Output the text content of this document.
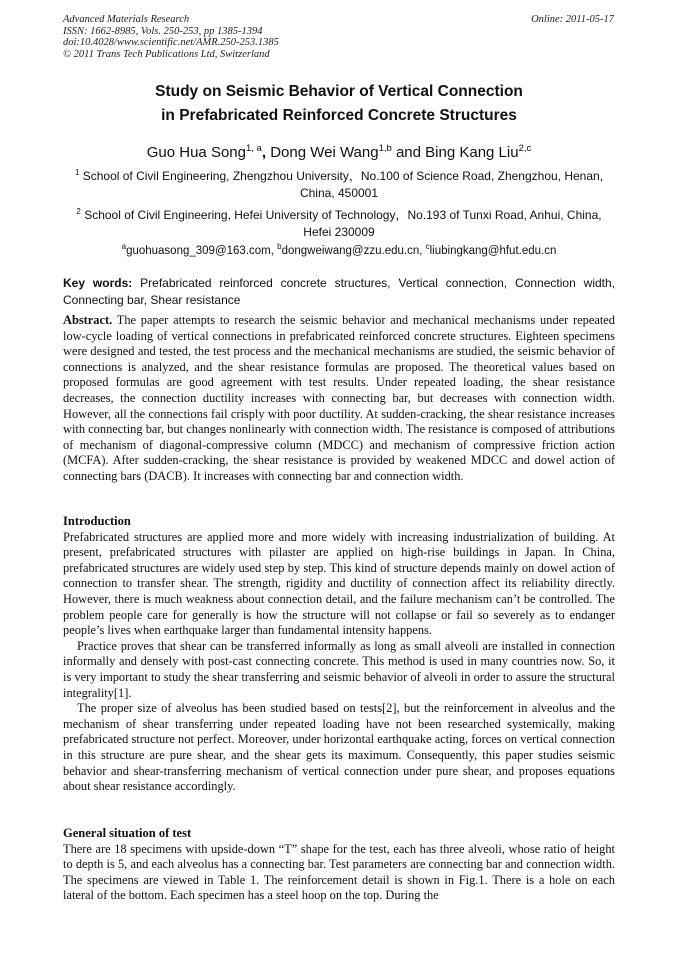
Advanced Materials Research
ISSN: 1662-8985, Vols. 250-253, pp 1385-1394
doi:10.4028/www.scientific.net/AMR.250-253.1385
© 2011 Trans Tech Publications Ltd, Switzerland
Online: 2011-05-17
Study on Seismic Behavior of Vertical Connection
in Prefabricated Reinforced Concrete Structures
Guo Hua Song$^{1, a}$, Dong Wei Wang$^{1,b}$ and Bing Kang Liu$^{2,c}$
$^1$ School of Civil Engineering, Zhengzhou University，No.100 of Science Road, Zhengzhou, Henan, China, 450001
$^2$ School of Civil Engineering, Hefei University of Technology，No.193 of Tunxi Road, Anhui, China, Hefei 230009
$^a$guohuasong_309@163.com, $^b$dongweiwang@zzu.edu.cn, $^c$liubingkang@hfut.edu.cn
Key words: Prefabricated reinforced concrete structures, Vertical connection, Connection width, Connecting bar, Shear resistance

Abstract. The paper attempts to research the seismic behavior and mechanical mechanisms under repeated low-cycle loading of vertical connections in prefabricated reinforced concrete structures. Eighteen specimens were designed and tested, the test process and the mechanical mechanisms are studied, the seismic behavior of connections is analyzed, and the shear resistance formulas are proposed. The theoretical values based on proposed formulas are good agreement with test results. Under repeated loading, the shear resistance decreases, the connection ductility increases with connecting bar, but decreases with connection width. However, all the connections fail crisply with poor ductility. At sudden-cracking, the shear resistance increases with connecting bar, but changes nonlinearly with connection width. The resistance is composed of attributions of mechanism of diagonal-compressive column (MDCC) and mechanism of compressive friction action (MCFA). After sudden-cracking, the shear resistance is provided by weakened MDCC and dowel action of connecting bars (DACB). It increases with connecting bar and connection width.

Introduction

Prefabricated structures are applied more and more widely with increasing industrialization of building. At present, prefabricated structures with pilaster are applied on high-rise buildings in Japan. In China, prefabricated structures are widely used step by step. This kind of structure depends mainly on dowel action of connection to transfer shear. The strength, rigidity and ductility of connection affect its reliability directly. However, there is much weakness about connection detail, and the failure mechanism can’t be controlled. The problem people care for generally is how the structure will not collapse or fail so severely as to endanger people’s lives when earthquake larger than fundamental intensity happens.

Practice proves that shear can be transferred informally as long as small alveoli are installed in connection informally and densely with post-cast connecting concrete. This method is used in many countries now. So, it is very important to study the shear transferring and seismic behavior of alveoli in order to assure the structural integrality[1].

The proper size of alveolus has been studied based on tests[2], but the reinforcement in alveolus and the mechanism of shear transferring under repeated loading have not been researched systemically, making prefabricated structure not perfect. Moreover, under horizontal earthquake acting, forces on vertical connection in this structure are pure shear, and the shear gets its maximum. Consequently, this paper studies seismic behavior and shear-transferring mechanism of vertical connection under pure shear, and proposes equations about shear resistance accordingly.

General situation of test

There are 18 specimens with upside-down “T” shape for the test, each has three alveoli, whose ratio of height to depth is 5, and each alveolus has a connecting bar. Test parameters are connecting bar and connection width. The specimens are viewed in Table 1. The reinforcement detail is shown in Fig.1. There is a hole on each lateral of the bottom. Each specimen has a steel hoop on the top. During the
